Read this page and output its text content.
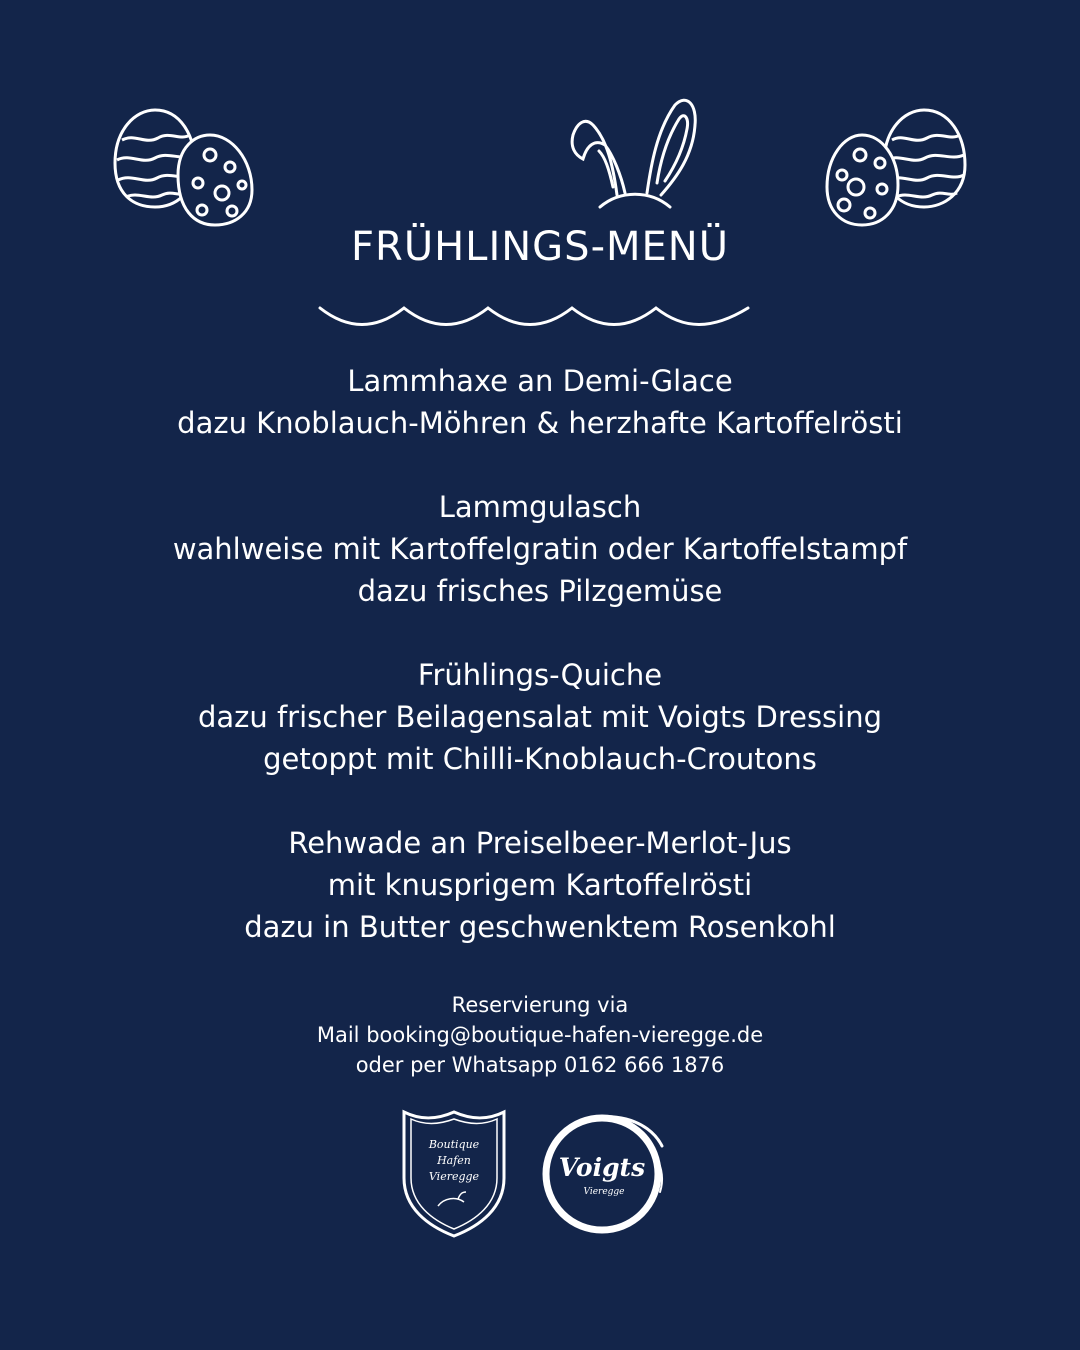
FRÜHLINGS-MENÜ
Lammhaxe an Demi-Glace
dazu Knoblauch-Möhren & herzhafte Kartoffelrösti
Lammgulasch
wahlweise mit Kartoffelgratin oder Kartoffelstampf
dazu frisches Pilzgemüse
Frühlings-Quiche
dazu frischer Beilagensalat mit Voigts Dressing
getoppt mit Chilli-Knoblauch-Croutons
Rehwade an Preiselbeer-Merlot-Jus
mit knusprigem Kartoffelrösti
dazu in Butter geschwenktem Rosenkohl
Reservierung via
Mail booking@boutique-hafen-vieregge.de
oder per Whatsapp 0162 666 1876
Boutique
Hafen
Vieregge	Voigts
Vieregge
